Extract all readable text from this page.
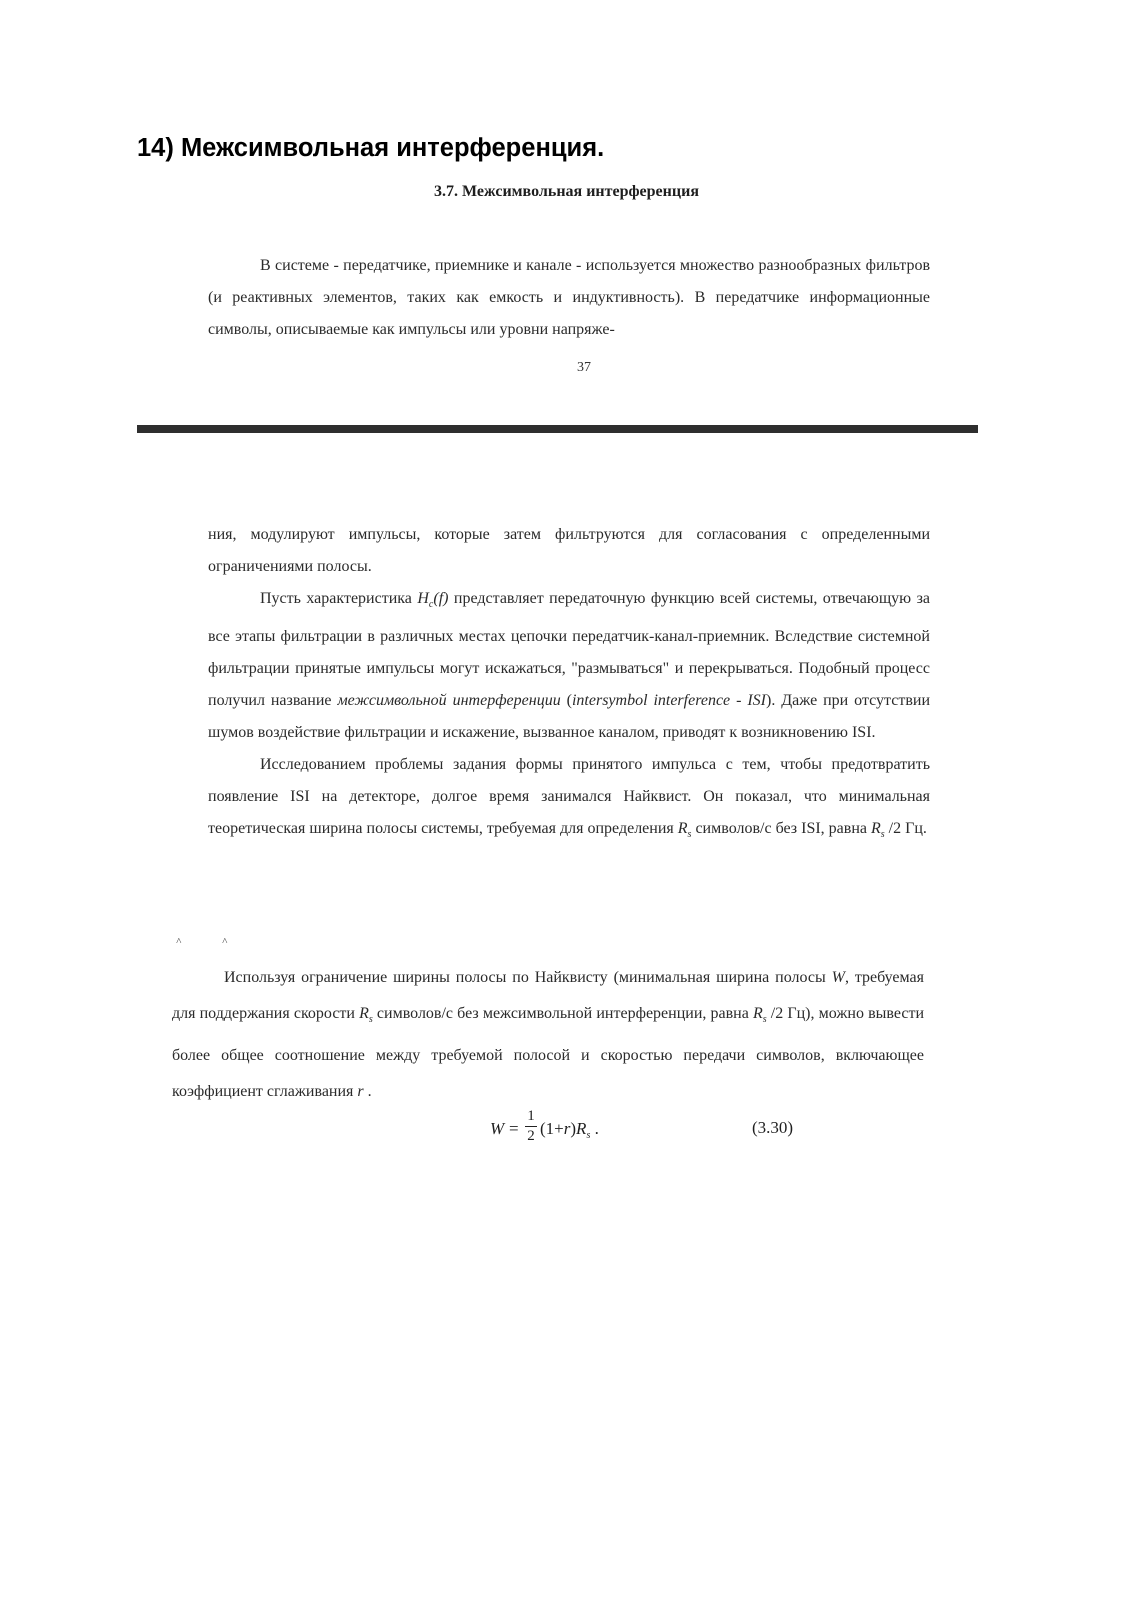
14) Межсимвольная интерференция.
3.7. Межсимвольная интерференция

В системе - передатчике, приемнике и канале - используется множество разнообразных фильтров (и реактивных элементов, таких как емкость и индуктивность). В передатчике информационные символы, описываемые как импульсы или уровни напряже-

37

ния, модулируют импульсы, которые затем фильтруются для согласования с определенными ограничениями полосы.

Пусть характеристика $H_c(f)$ представляет передаточную функцию всей системы, отвечающую за все этапы фильтрации в различных местах цепочки передатчик-канал-приемник. Вследствие системной фильтрации принятые импульсы могут искажаться, "размываться" и перекрываться. Подобный процесс получил название межсимвольной интерференции (intersymbol interference - ISI). Даже при отсутствии шумов воздействие фильтрации и искажение, вызванное каналом, приводят к возникновению ISI.

Исследованием проблемы задания формы принятого импульса с тем, чтобы предотвратить появление ISI на детекторе, долгое время занимался Найквист. Он показал, что минимальная теоретическая ширина полосы системы, требуемая для определения $R_s$ символов/с без ISI, равна $R_s$ /2 Гц.

˄	˄

Используя ограничение ширины полосы по Найквисту (минимальная ширина полосы W, требуемая для поддержания скорости $R_s$ символов/с без межсимвольной интерференции, равна $R_s$ /2 Гц), можно вывести более общее соотношение между требуемой полосой и скоростью передачи символов, включающее коэффициент сглаживания r .

W =
1
2 $(1+r)R_s$ .	(3.30)
